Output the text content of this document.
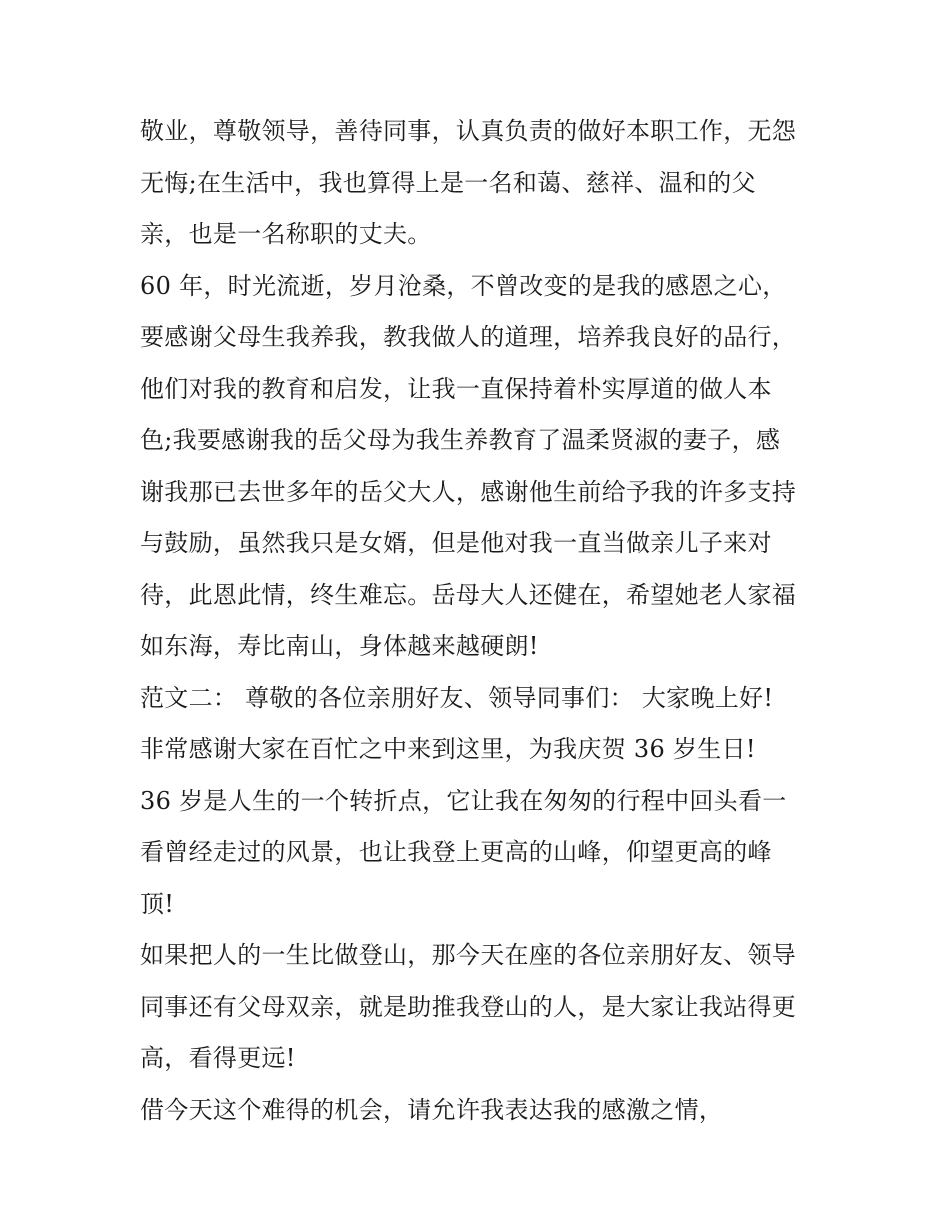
敬业，尊敬领导，善待同事，认真负责的做好本职工作，无怨
无悔;在生活中，我也算得上是一名和蔼、慈祥、温和的父
亲，也是一名称职的丈夫。
60 年，时光流逝，岁月沧桑，不曾改变的是我的感恩之心，
要感谢父母生我养我，教我做人的道理，培养我良好的品行，
他们对我的教育和启发，让我一直保持着朴实厚道的做人本
色;我要感谢我的岳父母为我生养教育了温柔贤淑的妻子，感
谢我那已去世多年的岳父大人，感谢他生前给予我的许多支持
与鼓励，虽然我只是女婿，但是他对我一直当做亲儿子来对
待，此恩此情，终生难忘。岳母大人还健在，希望她老人家福
如东海，寿比南山，身体越来越硬朗!
范文二： 尊敬的各位亲朋好友、领导同事们： 大家晚上好!
非常感谢大家在百忙之中来到这里，为我庆贺 36 岁生日!
36 岁是人生的一个转折点，它让我在匆匆的行程中回头看一
看曾经走过的风景，也让我登上更高的山峰，仰望更高的峰
顶!
如果把人的一生比做登山，那今天在座的各位亲朋好友、领导
同事还有父母双亲，就是助推我登山的人，是大家让我站得更
高，看得更远!
借今天这个难得的机会，请允许我表达我的感激之情，
